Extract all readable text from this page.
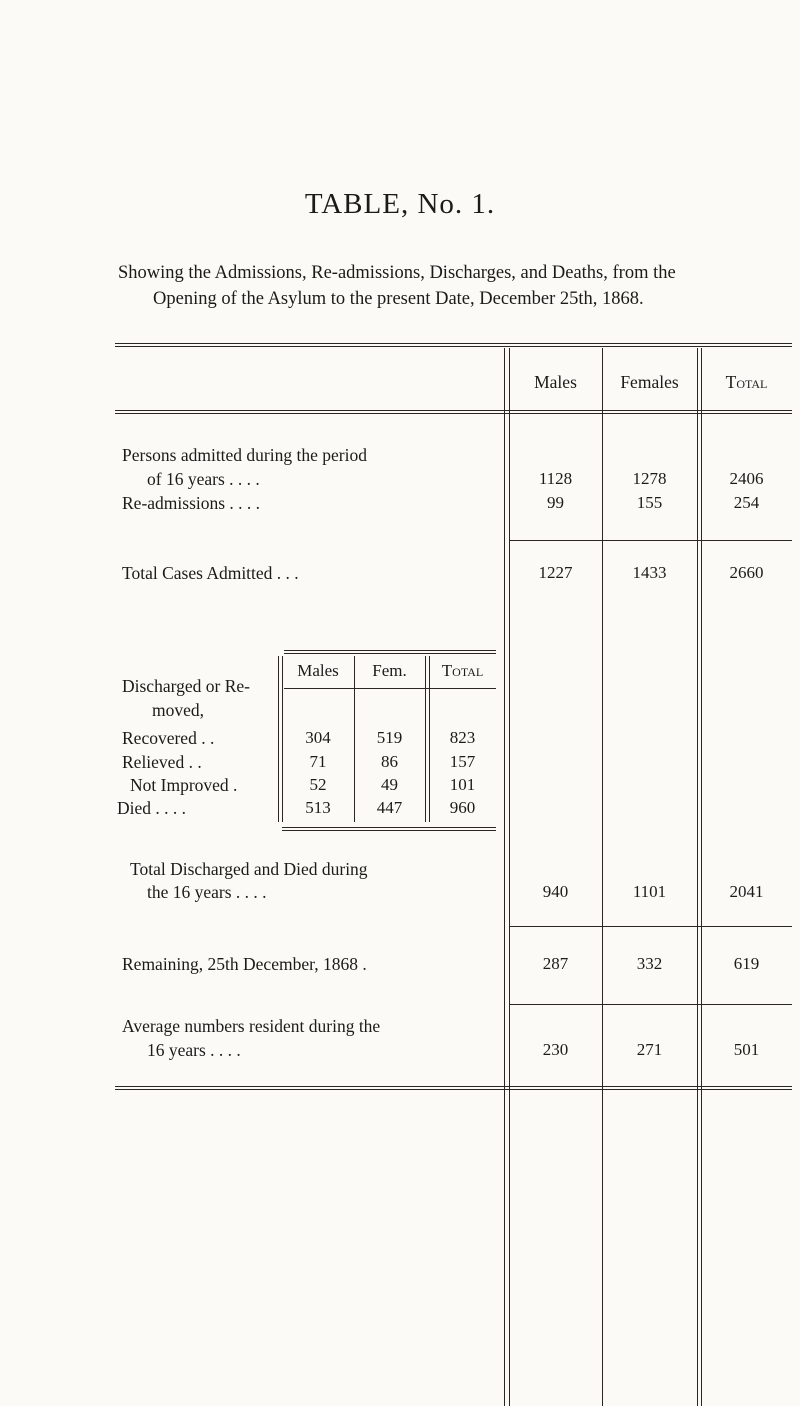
TABLE, No. 1.
Showing the Admissions, Re-admissions, Discharges, and Deaths, from the
Opening of the Asylum to the present Date, December 25th, 1868.
Males	Females	Total
Persons admitted during the period
of 16 years . . . .	1128	1278	2406
Re-admissions . . . .	99	155	254
Total Cases Admitted . . .	1227	1433	2660
Discharged or Re-
moved,
Males	Fem.	Total
Recovered . .	304	519	823
Relieved . .	71	86	157
Not Improved .	52	49	101
Died . . . .	513	447	960
Total Discharged and Died during
the 16 years . . . .	940	1101	2041
Remaining, 25th December, 1868 .	287	332	619
Average numbers resident during the
16 years . . . .	230	271	501
